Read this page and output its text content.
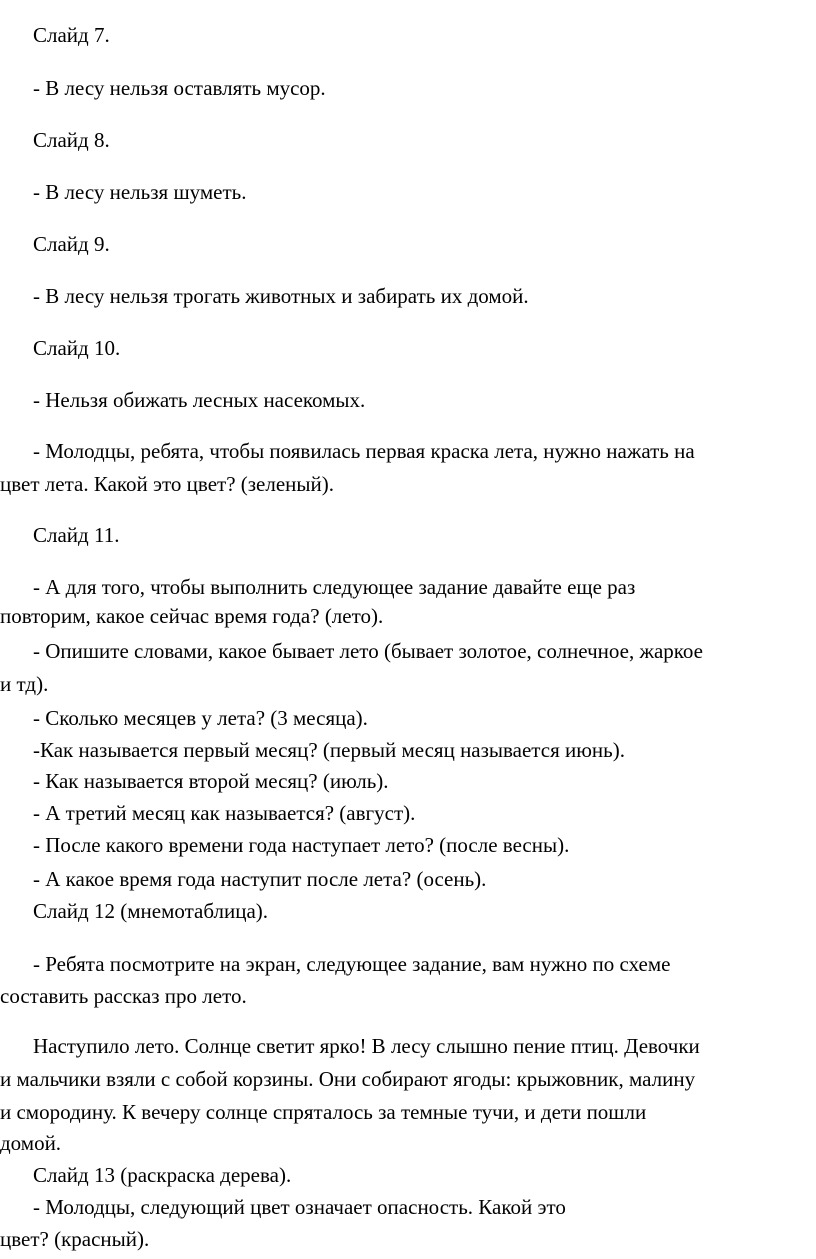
Слайд 7.
- В лесу нельзя оставлять мусор.
Слайд 8.
- В лесу нельзя шуметь.
Слайд 9.
- В лесу нельзя трогать животных и забирать их домой.
Слайд 10.
- Нельзя обижать лесных насекомых.
- Молодцы, ребята, чтобы появилась первая краска лета, нужно нажать на
цвет лета. Какой это цвет? (зеленый).
Слайд 11.
- А для того, чтобы выполнить следующее задание давайте еще раз
повторим, какое сейчас время года? (лето).
- Опишите словами, какое бывает лето (бывает золотое, солнечное, жаркое
и тд).
- Сколько месяцев у лета? (3 месяца).
-Как называется первый месяц? (первый месяц называется июнь).
- Как называется второй месяц? (июль).
- А третий месяц как называется? (август).
- После какого времени года наступает лето? (после весны).
- А какое время года наступит после лета? (осень).
Слайд 12 (мнемотаблица).
- Ребята посмотрите на экран, следующее задание, вам нужно по схеме
составить рассказ про лето.
Наступило лето. Солнце светит ярко! В лесу слышно пение птиц. Девочки
и мальчики взяли с собой корзины. Они собирают ягоды: крыжовник, малину
и смородину. К вечеру солнце спряталось за темные тучи, и дети пошли
домой.
Слайд 13 (раскраска дерева).
- Молодцы, следующий цвет означает опасность. Какой это
цвет? (красный).
